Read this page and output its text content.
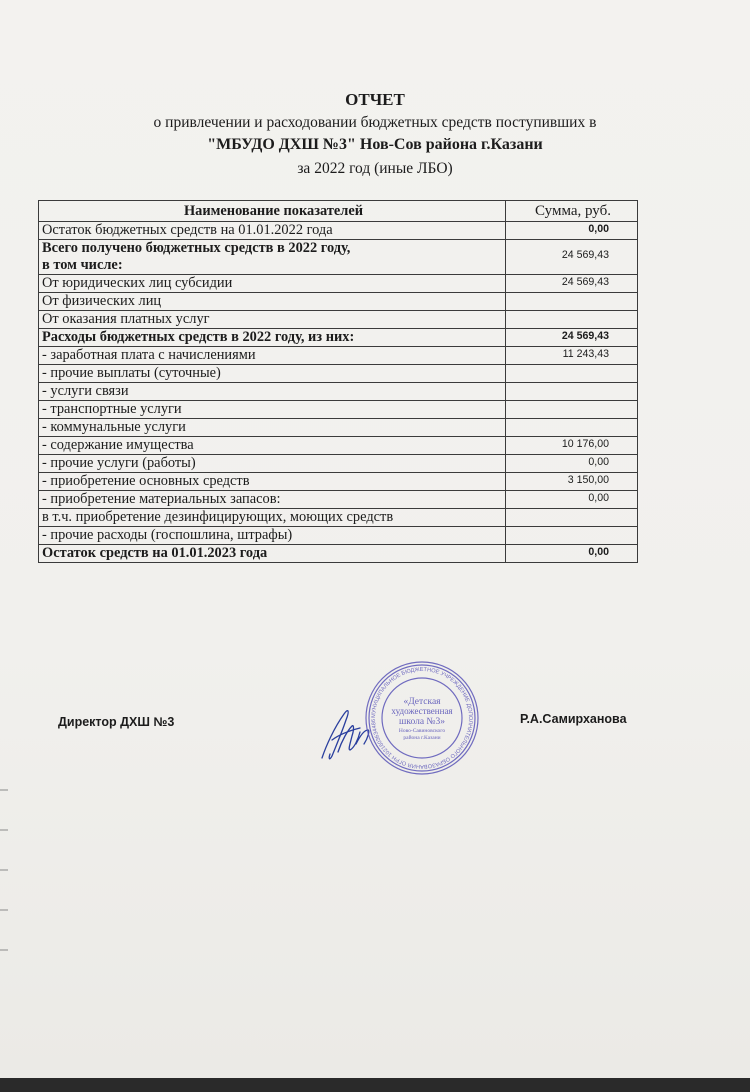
ОТЧЕТ
о привлечении и расходовании бюджетных средств поступивших в
"МБУДО ДХШ №3" Нов-Сов района г.Казани
за 2022 год (иные ЛБО)
Наименование показателей	Сумма, руб.
Остаток бюджетных средств на 01.01.2022 года	0,00
Всего получено бюджетных средств в 2022 году,
в том числе:	24 569,43
От юридических лиц субсидии	24 569,43
От физических лиц	
От оказания платных услуг	
Расходы бюджетных средств в 2022 году, из них:	24 569,43
- заработная плата с начислениями	11 243,43
- прочие выплаты (суточные)	
- услуги связи	
- транспортные услуги	
- коммунальные услуги	
- содержание имущества	10 176,00
- прочие услуги (работы)	0,00
- приобретение основных средств	3 150,00
- приобретение материальных запасов:	0,00
в т.ч. приобретение дезинфицирующих, моющих средств	
- прочие расходы (госпошлина, штрафы)	
Остаток средств на 01.01.2023 года	0,00
Директор ДХШ №3	Р.А.Самирханова
МУНИЦИПАЛЬНОЕ БЮДЖЕТНОЕ УЧРЕЖДЕНИЕ ДОПОЛНИТЕЛЬНОГО ОБРАЗОВАНИЯ ОГРН 1021603634486
«Детская
художественная
школа №3»
Ново-Савиновского
района г.Казани
